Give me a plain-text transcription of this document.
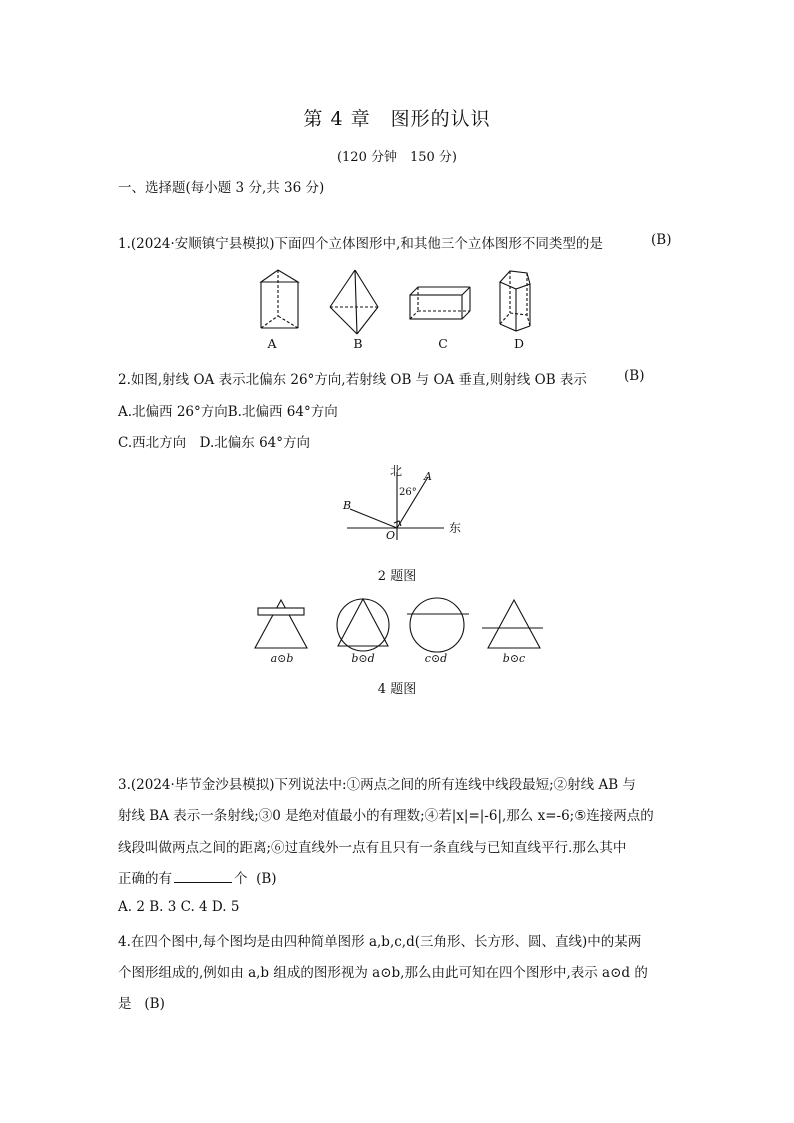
第 4 章　图形的认识
(120 分钟　150 分)
一、选择题(每小题 3 分,共 36 分)
1.(2024·安顺镇宁县模拟)下面四个立体图形中,和其他三个立体图形不同类型的是	(B)
A	B	C	D
2.如图,射线 OA 表示北偏东 26°方向,若射线 OB 与 OA 垂直,则射线 OB 表示	(B)
A.北偏西 26°方向B.北偏西 64°方向
C.西北方向　D.北偏东 64°方向
北
东
26°
A
B
O
2 题图
a⊙b	b⊙d	c⊙d	b⊙c
4 题图
3.(2024·毕节金沙县模拟)下列说法中:①两点之间的所有连线中线段最短;②射线 AB 与
射线 BA 表示一条射线;③0 是绝对值最小的有理数;④若|x|=|-6|,那么 x=-6;⑤连接两点的
线段叫做两点之间的距离;⑥过直线外一点有且只有一条直线与已知直线平行.那么其中
正确的有	个 (B)
A. 2 B. 3 C. 4 D. 5
4.在四个图中,每个图均是由四种简单图形 a,b,c,d(三角形、长方形、圆、直线)中的某两
个图形组成的,例如由 a,b 组成的图形视为 a⊙b,那么由此可知在四个图形中,表示 a⊙d 的
是 (B)
